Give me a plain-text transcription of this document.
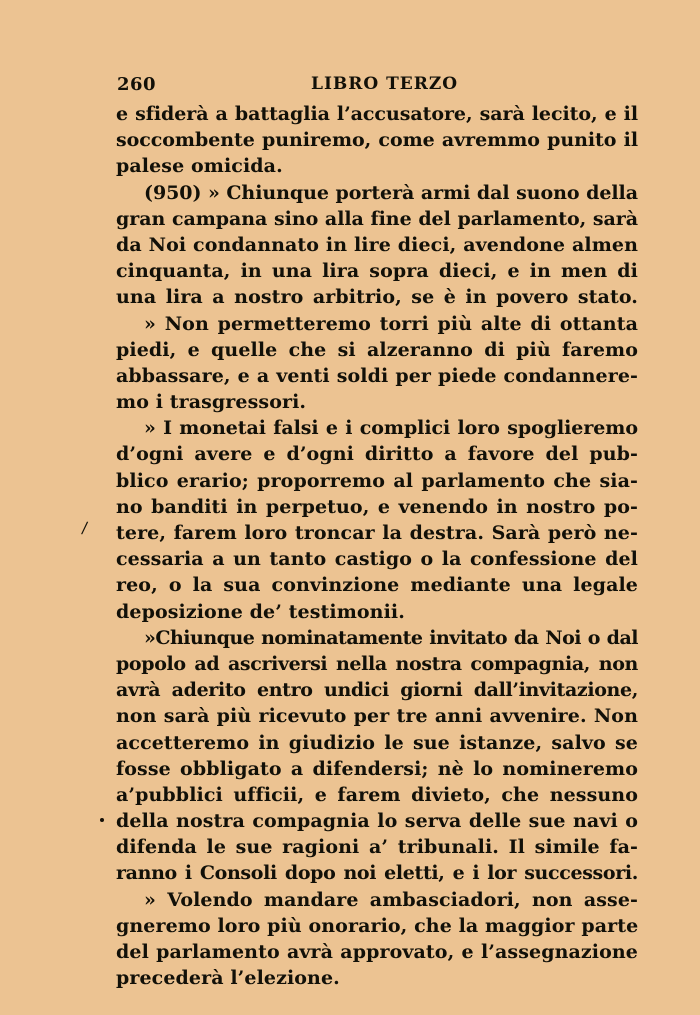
260	LIBRO TERZO
/
e sfiderà a battaglia l’accusatore, sarà lecito, e il
soccombente puniremo, come avremmo punito il
palese omicida.
(950) » Chiunque porterà armi dal suono della
gran campana sino alla fine del parlamento, sarà
da Noi condannato in lire dieci, avendone almen
cinquanta, in una lira sopra dieci, e in men di
una lira a nostro arbitrio, se è in povero stato.
» Non permetteremo torri più alte di ottanta
piedi, e quelle che si alzeranno di più faremo
abbassare, e a venti soldi per piede condannere-
mo i trasgressori.
» I monetai falsi e i complici loro spoglieremo
d’ogni avere e d’ogni diritto a favore del pub-
blico erario; proporremo al parlamento che sia-
no banditi in perpetuo, e venendo in nostro po-
tere, farem loro troncar la destra. Sarà però ne-
cessaria a un tanto castigo o la confessione del
reo, o la sua convinzione mediante una legale
deposizione de’ testimonii.
»Chiunque nominatamente invitato da Noi o dal
popolo ad ascriversi nella nostra compagnia, non
avrà aderito entro undici giorni dall’invitazione,
non sarà più ricevuto per tre anni avvenire. Non
accetteremo in giudizio le sue istanze, salvo se
fosse obbligato a difendersi; nè lo nomineremo
a’pubblici ufficii, e farem divieto, che nessuno
della nostra compagnia lo serva delle sue navi o
difenda le sue ragioni a’ tribunali. Il simile fa-
ranno i Consoli dopo noi eletti, e i lor successori.
» Volendo mandare ambasciadori, non asse-
gneremo loro più onorario, che la maggior parte
del parlamento avrà approvato, e l’assegnazione
precederà l’elezione.
